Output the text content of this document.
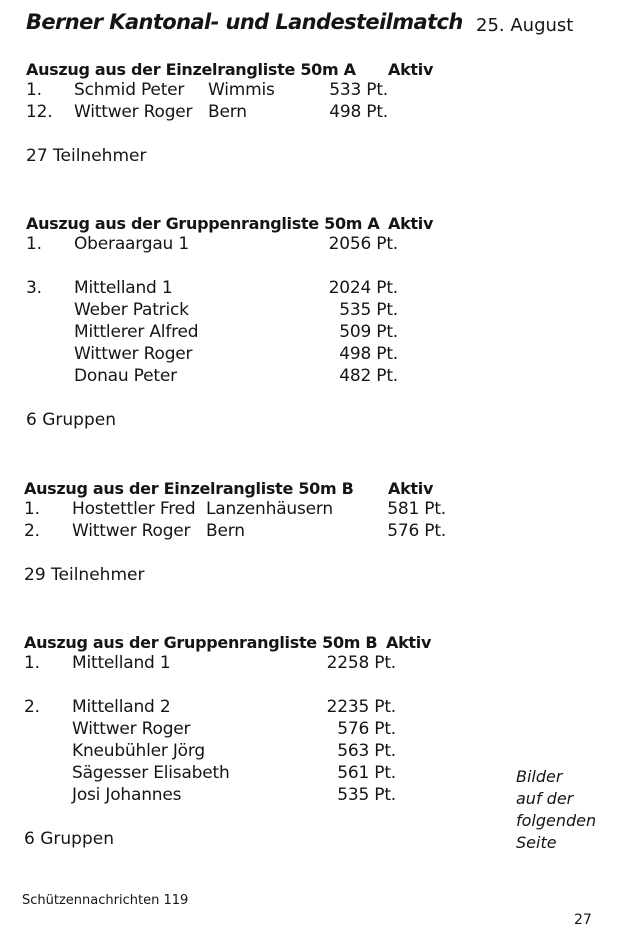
Berner Kantonal- und Landesteilmatch 25. August
Auszug aus der Einzelrangliste 50m A Aktiv
1. Schmid Peter Wimmis	533 Pt.
12. Wittwer Roger Bern	498 Pt.
27 Teilnehmer
Auszug aus der Gruppenrangliste 50m A Aktiv
1. Oberaargau 1	2056 Pt.
3. Mittelland 1	2024 Pt.
Weber Patrick	535 Pt.
Mittlerer Alfred	509 Pt.
Wittwer Roger	498 Pt.
Donau Peter	482 Pt.
6 Gruppen
Auszug aus der Einzelrangliste 50m B Aktiv
1. Hostettler Fred Lanzenhäusern	581 Pt.
2. Wittwer Roger Bern	576 Pt.
29 Teilnehmer
Auszug aus der Gruppenrangliste 50m B Aktiv
1. Mittelland 1	2258 Pt.
2. Mittelland 2	2235 Pt.
Wittwer Roger	576 Pt.
Kneubühler Jörg	563 Pt.
Sägesser Elisabeth	561 Pt.
Josi Johannes	535 Pt.
6 Gruppen
Bilder
auf der
folgenden
Seite
Schützennachrichten 119
27
